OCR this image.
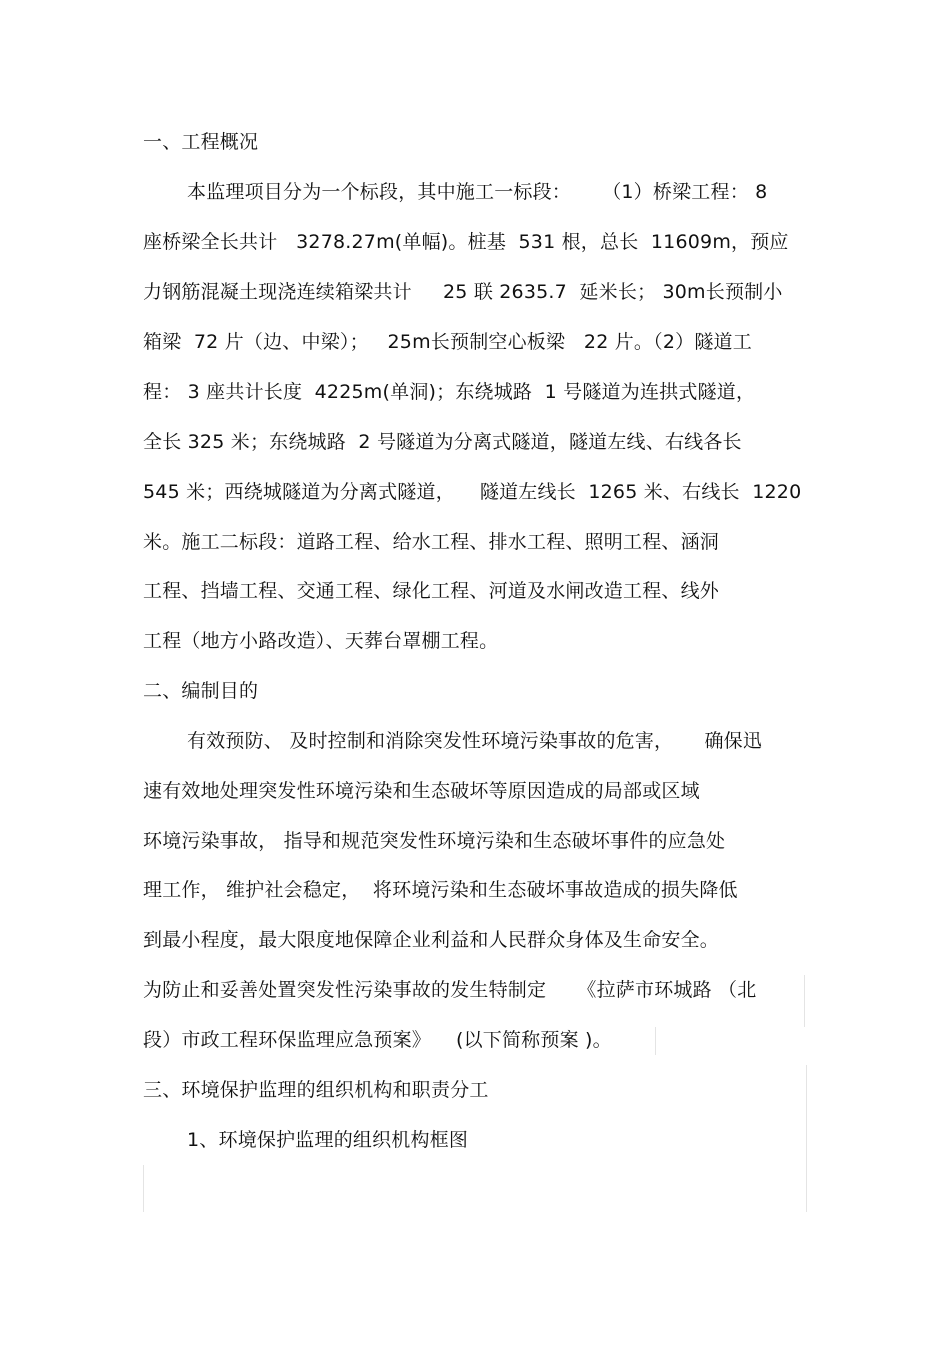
一、工程概况
本监理项目分为一个标段，其中施工一标段：     （1）桥梁工程： 8
座桥梁全长共计   3278.27m(单幅)。桩基  531 根，总长  11609m，预应
力钢筋混凝土现浇连续箱梁共计     25 联 2635.7  延米长； 30m长预制小
箱梁  72 片（边、中梁）；   25m长预制空心板梁   22 片。（2）隧道工
程： 3 座共计长度  4225m(单洞)；东绕城路  1 号隧道为连拱式隧道，
全长 325 米；东绕城路  2 号隧道为分离式隧道，隧道左线、右线各长
545 米；西绕城隧道为分离式隧道，    隧道左线长  1265 米、右线长  1220
米。施工二标段：道路工程、给水工程、排水工程、照明工程、涵洞
工程、挡墙工程、交通工程、绿化工程、河道及水闸改造工程、线外
工程（地方小路改造）、天葬台罩棚工程。
二、编制目的
有效预防、 及时控制和消除突发性环境污染事故的危害，     确保迅
速有效地处理突发性环境污染和生态破坏等原因造成的局部或区域
环境污染事故， 指导和规范突发性环境污染和生态破坏事件的应急处
理工作， 维护社会稳定，  将环境污染和生态破坏事故造成的损失降低
到最小程度，最大限度地保障企业利益和人民群众身体及生命安全。
为防止和妥善处置突发性污染事故的发生特制定     《拉萨市环城路 （北
段）市政工程环保监理应急预案》    (以下简称预案 )。
三、环境保护监理的组织机构和职责分工
1、环境保护监理的组织机构框图
